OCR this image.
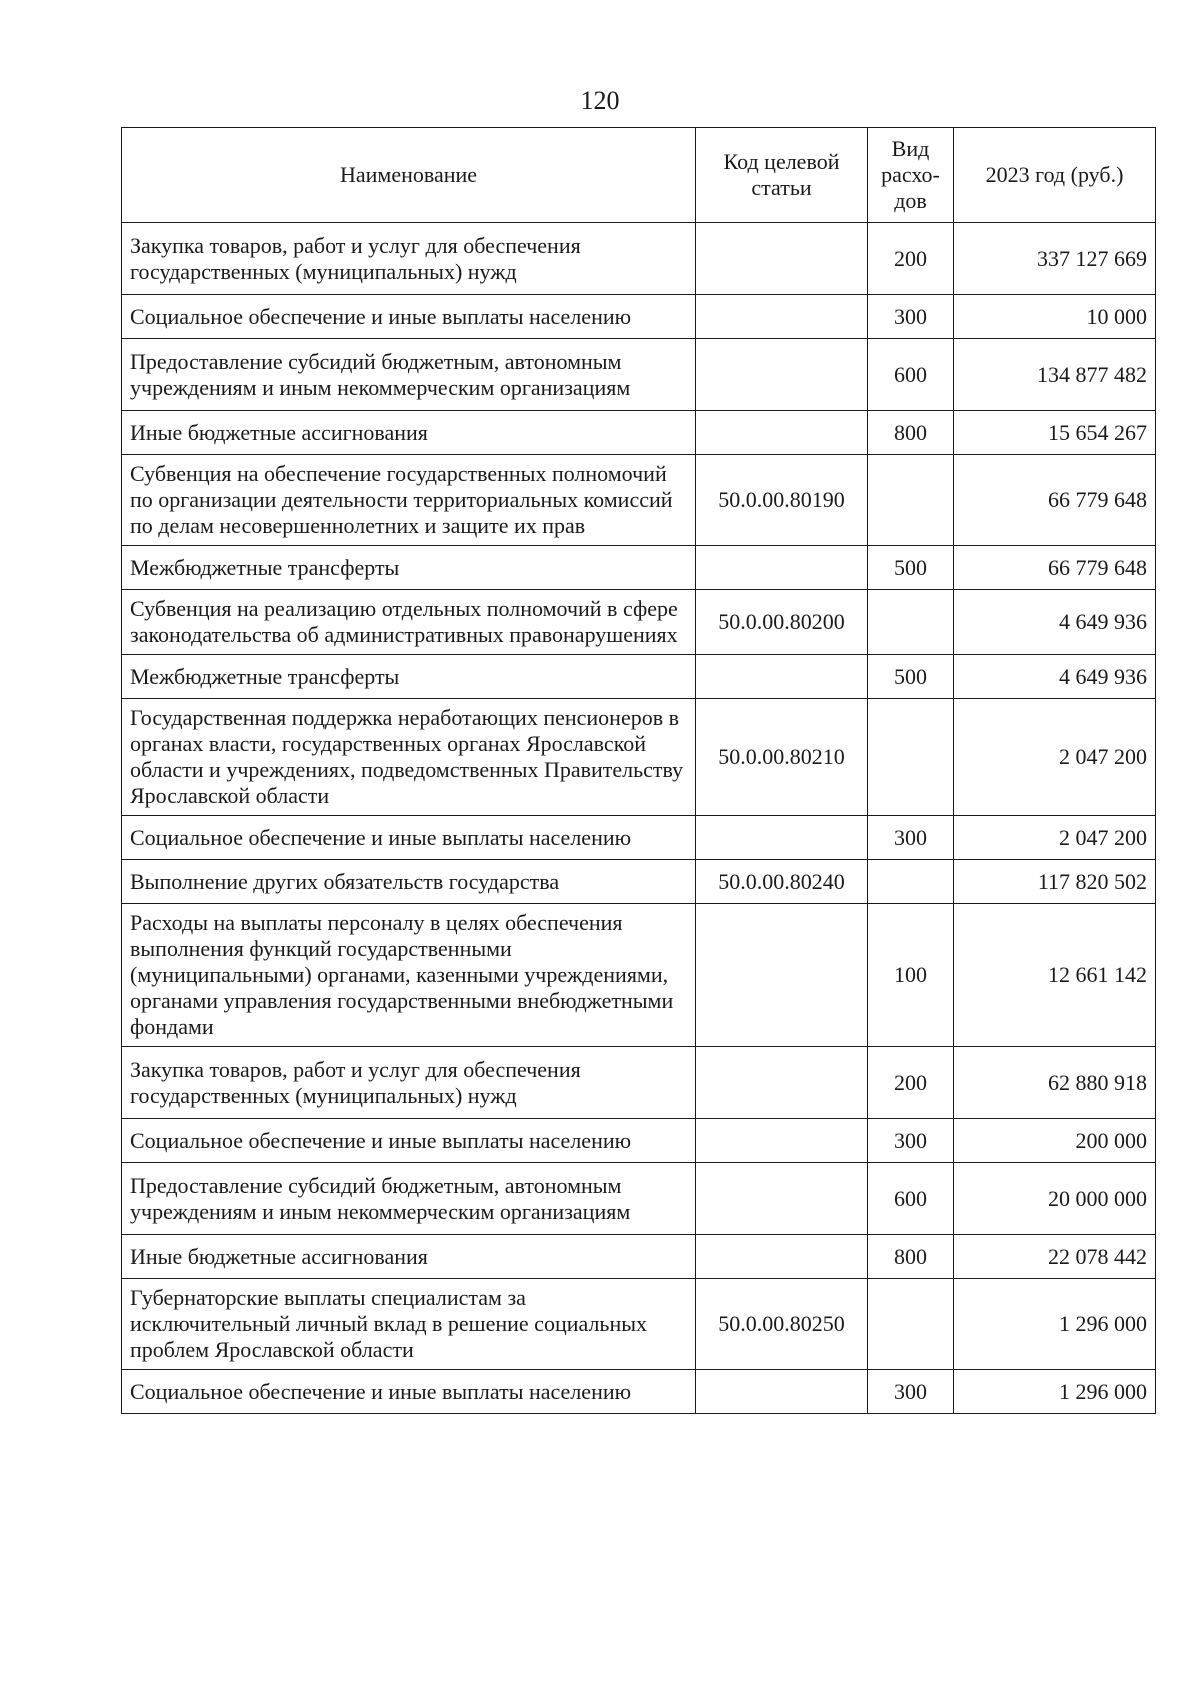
120
Наименование	Код целевой статьи	Вид расхо-дов	2023 год (руб.)
Закупка товаров, работ и услуг для обеспечения государственных (муниципальных) нужд		200	337 127 669
Социальное обеспечение и иные выплаты населению		300	10 000
Предоставление субсидий бюджетным, автономным учреждениям и иным некоммерческим организациям		600	134 877 482
Иные бюджетные ассигнования		800	15 654 267
Субвенция на обеспечение государственных полномочий по организации деятельности территориальных комиссий по делам несовершеннолетних и защите их прав	50.0.00.80190		66 779 648
Межбюджетные трансферты		500	66 779 648
Субвенция на реализацию отдельных полномочий в сфере законодательства об административных правонарушениях	50.0.00.80200		4 649 936
Межбюджетные трансферты		500	4 649 936
Государственная поддержка неработающих пенсионеров в органах власти, государственных органах Ярославской области и учреждениях, подведомственных Правительству Ярославской области	50.0.00.80210		2 047 200
Социальное обеспечение и иные выплаты населению		300	2 047 200
Выполнение других обязательств государства	50.0.00.80240		117 820 502
Расходы на выплаты персоналу в целях обеспечения выполнения функций государственными (муниципальными) органами, казенными учреждениями, органами управления государственными внебюджетными фондами		100	12 661 142
Закупка товаров, работ и услуг для обеспечения государственных (муниципальных) нужд		200	62 880 918
Социальное обеспечение и иные выплаты населению		300	200 000
Предоставление субсидий бюджетным, автономным учреждениям и иным некоммерческим организациям		600	20 000 000
Иные бюджетные ассигнования		800	22 078 442
Губернаторские выплаты специалистам за исключительный личный вклад в решение социальных проблем Ярославской области	50.0.00.80250		1 296 000
Социальное обеспечение и иные выплаты населению		300	1 296 000
